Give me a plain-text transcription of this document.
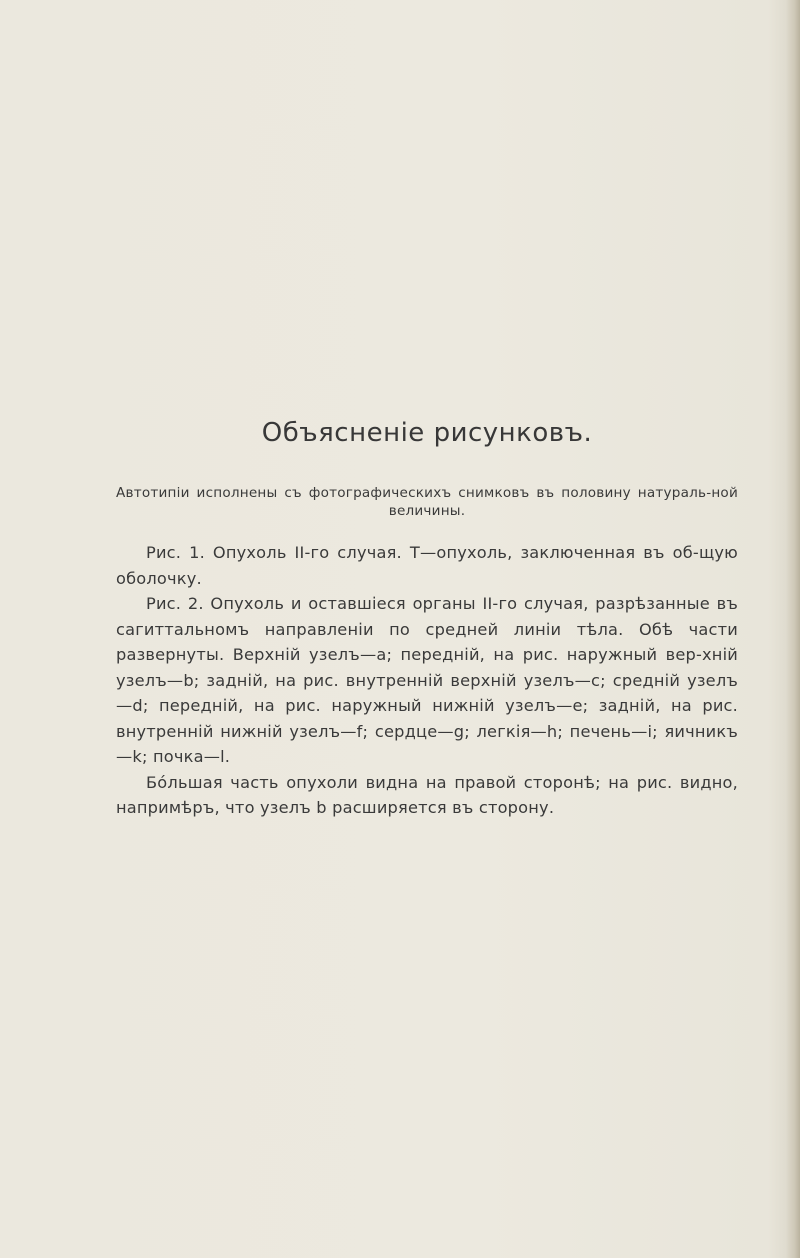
Объясненіе рисунковъ.

Автотипіи исполнены съ фотографическихъ снимковъ въ половину натураль-ной величины.

Рис. 1. Опухоль II-го случая. Т—опухоль, заключенная въ об-щую оболочку.

Рис. 2. Опухоль и оставшіеся органы II-го случая, разрѣзанные въ сагиттальномъ направленіи по средней линіи тѣла. Обѣ части развернуты. Верхній узелъ—a; передній, на рис. наружный вер-хній узелъ—b; задній, на рис. внутренній верхній узелъ—c; средній узелъ—d; передній, на рис. наружный нижній узелъ—e; задній, на рис. внутренній нижній узелъ—f; сердце—g; легкія—h; печень—i; яичникъ—k; почка—l.

Бóльшая часть опухоли видна на правой сторонѣ; на рис. видно, напримѣръ, что узелъ b расширяется въ сторону.
